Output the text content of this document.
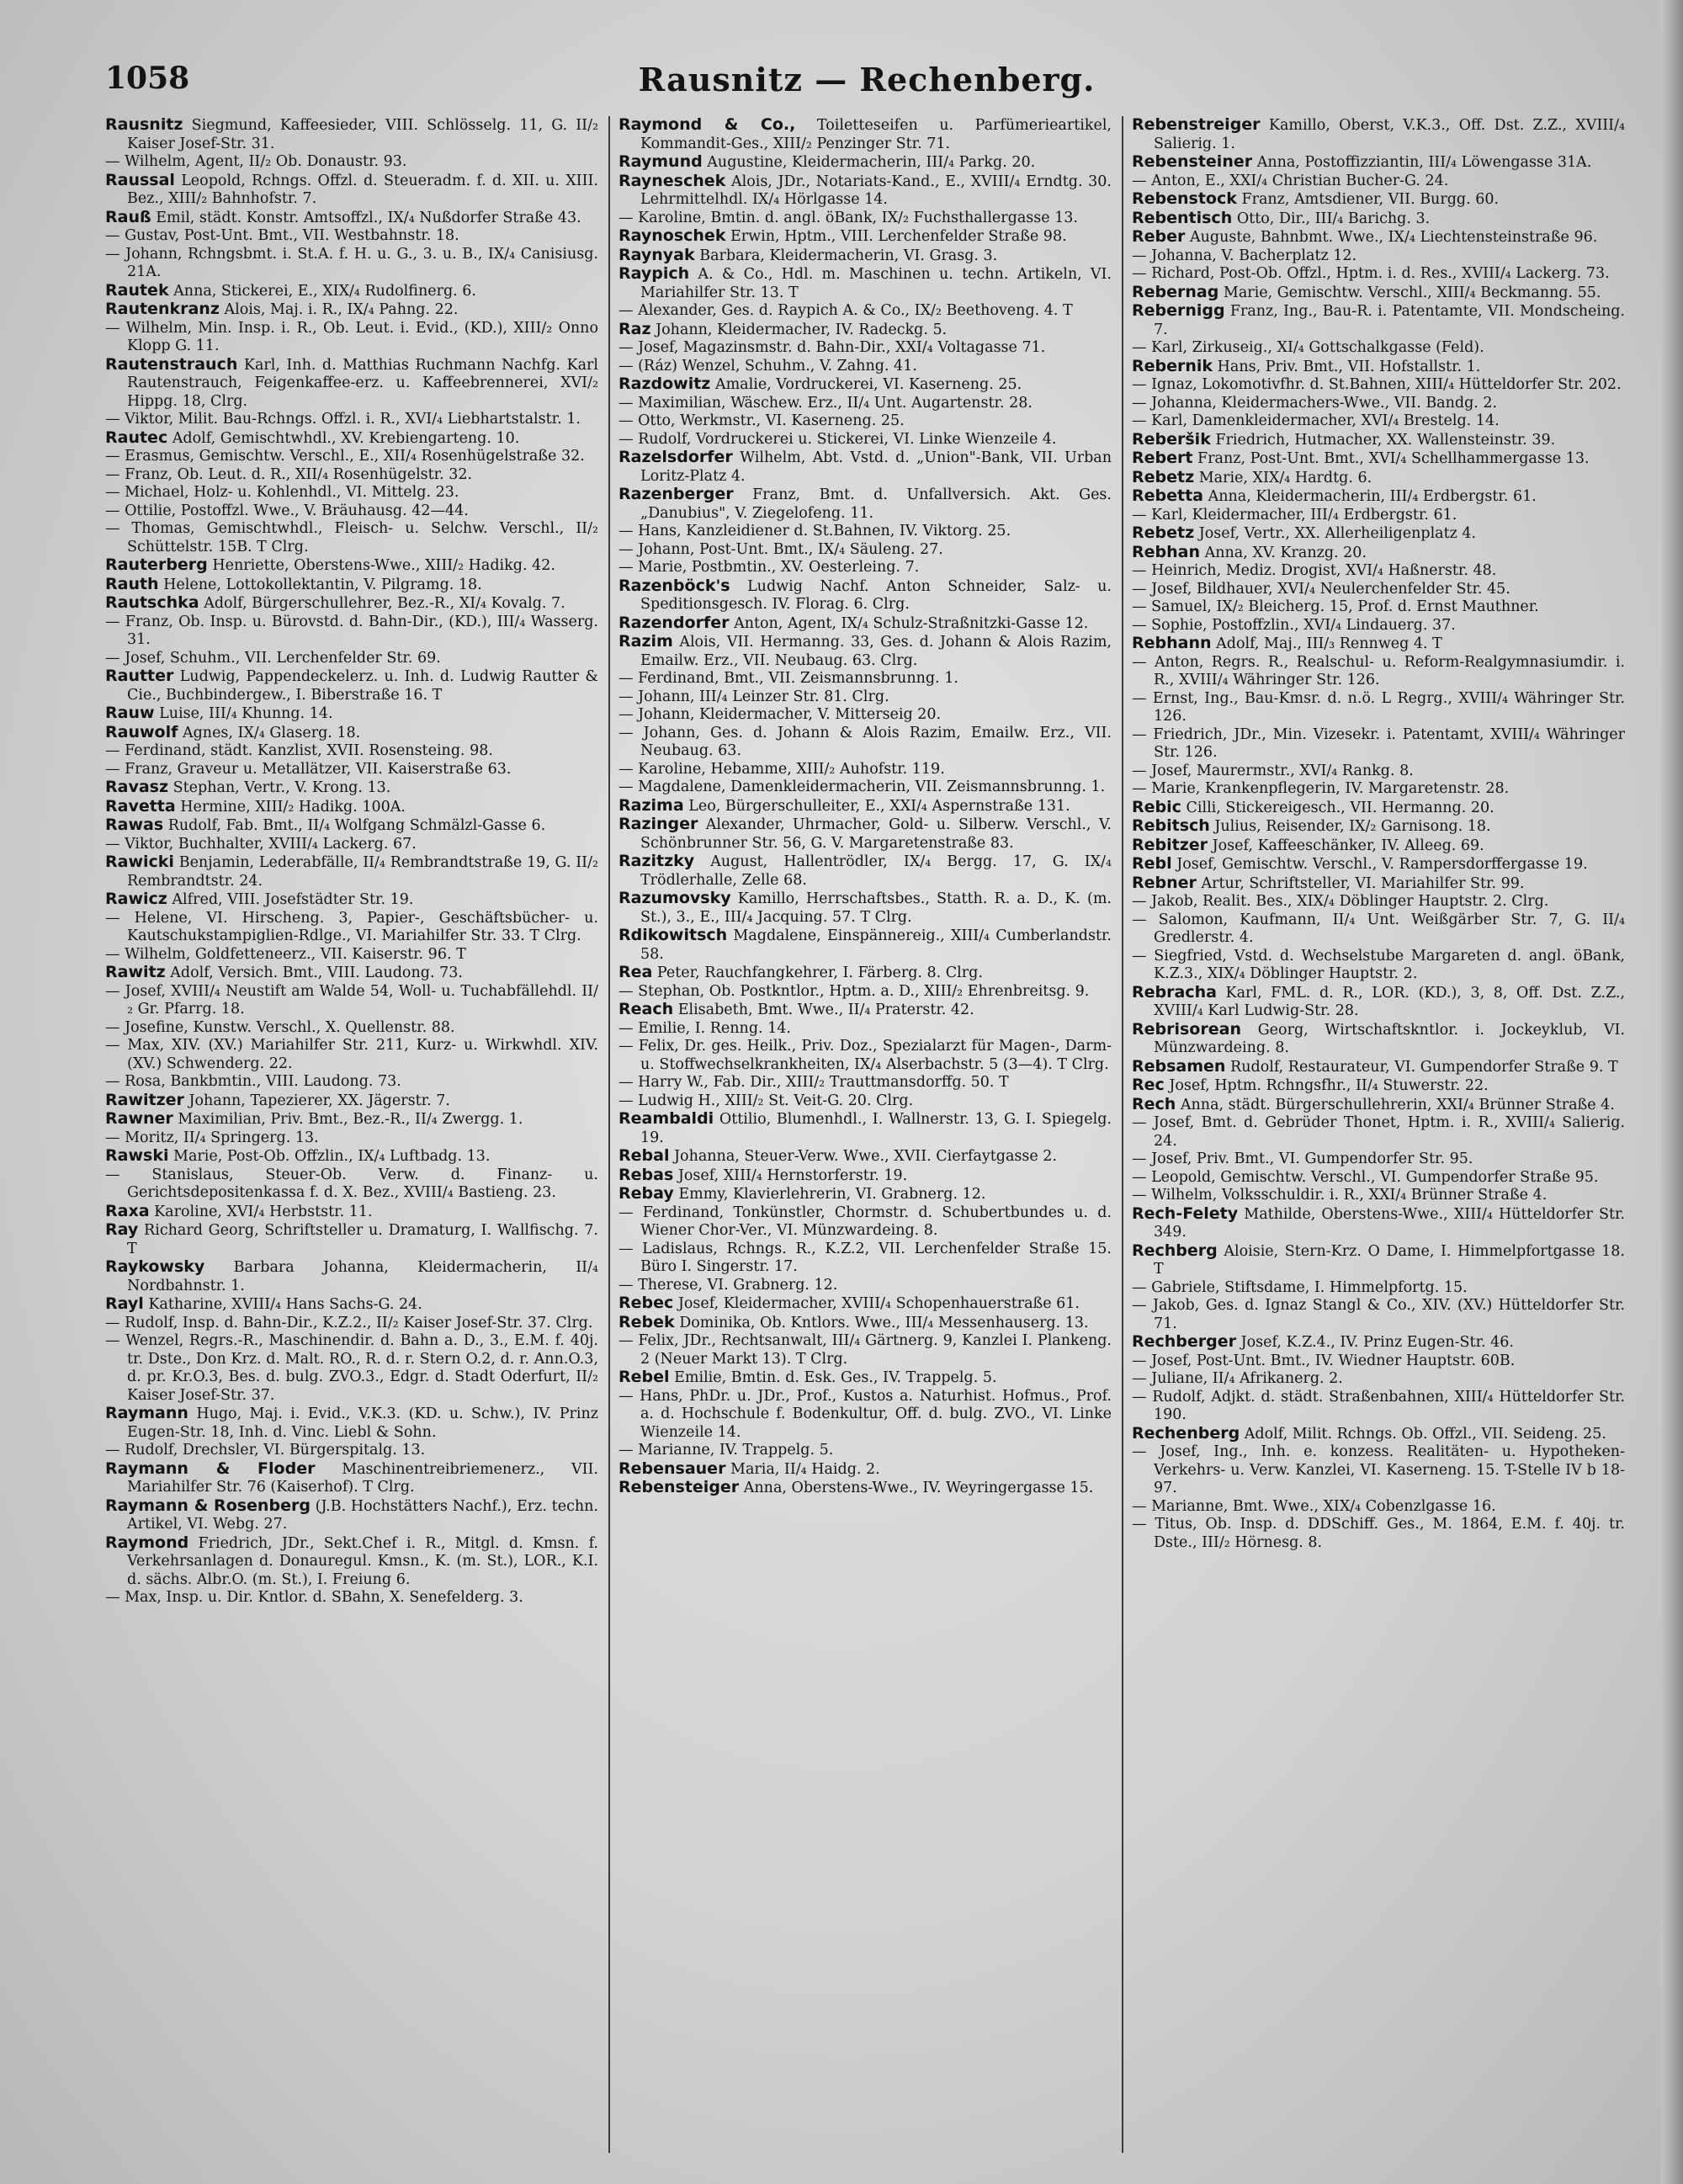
1058	Rausnitz — Rechenberg.

Rausnitz Siegmund, Kaffeesieder, VIII. Schlösselg. 11, G. II/₂ Kaiser Josef-Str. 31.

— Wilhelm, Agent, II/₂ Ob. Donaustr. 93.

Raussal Leopold, Rchngs. Offzl. d. Steueradm. f. d. XII. u. XIII. Bez., XIII/₂ Bahnhofstr. 7.

Rauß Emil, städt. Konstr. Amtsoffzl., IX/₄ Nußdorfer Straße 43.

— Gustav, Post-Unt. Bmt., VII. Westbahnstr. 18.

— Johann, Rchngsbmt. i. St.A. f. H. u. G., 3. u. B., IX/₄ Canisiusg. 21A.

Rautek Anna, Stickerei, E., XIX/₄ Rudolfinerg. 6.

Rautenkranz Alois, Maj. i. R., IX/₄ Pahng. 22.

— Wilhelm, Min. Insp. i. R., Ob. Leut. i. Evid., (KD.), XIII/₂ Onno Klopp G. 11.

Rautenstrauch Karl, Inh. d. Matthias Ruchmann Nachfg. Karl Rautenstrauch, Feigenkaffee-erz. u. Kaffeebrennerei, XVI/₂ Hippg. 18, Clrg.

— Viktor, Milit. Bau-Rchngs. Offzl. i. R., XVI/₄ Liebhartstalstr. 1.

Rautec Adolf, Gemischtwhdl., XV. Krebiengarteng. 10.

— Erasmus, Gemischtw. Verschl., E., XII/₄ Rosenhügelstraße 32.

— Franz, Ob. Leut. d. R., XII/₄ Rosenhügelstr. 32.

— Michael, Holz- u. Kohlenhdl., VI. Mittelg. 23.

— Ottilie, Postoffzl. Wwe., V. Bräuhausg. 42—44.

— Thomas, Gemischtwhdl., Fleisch- u. Selchw. Verschl., II/₂ Schüttelstr. 15B. T Clrg.

Rauterberg Henriette, Oberstens-Wwe., XIII/₂ Hadikg. 42.

Rauth Helene, Lottokollektantin, V. Pilgramg. 18.

Rautschka Adolf, Bürgerschullehrer, Bez.-R., XI/₄ Kovalg. 7.

— Franz, Ob. Insp. u. Bürovstd. d. Bahn-Dir., (KD.), III/₄ Wasserg. 31.

— Josef, Schuhm., VII. Lerchenfelder Str. 69.

Rautter Ludwig, Pappendeckelerz. u. Inh. d. Ludwig Rautter & Cie., Buchbindergew., I. Biberstraße 16. T

Rauw Luise, III/₄ Khunng. 14.

Rauwolf Agnes, IX/₄ Glaserg. 18.

— Ferdinand, städt. Kanzlist, XVII. Rosensteing. 98.

— Franz, Graveur u. Metallätzer, VII. Kaiserstraße 63.

Ravasz Stephan, Vertr., V. Krong. 13.

Ravetta Hermine, XIII/₂ Hadikg. 100A.

Rawas Rudolf, Fab. Bmt., II/₄ Wolfgang Schmälzl-Gasse 6.

— Viktor, Buchhalter, XVIII/₄ Lackerg. 67.

Rawicki Benjamin, Lederabfälle, II/₄ Rembrandtstraße 19, G. II/₂ Rembrandtstr. 24.

Rawicz Alfred, VIII. Josefstädter Str. 19.

— Helene, VI. Hirscheng. 3, Papier-, Geschäftsbücher- u. Kautschukstampiglien-Rdlge., VI. Mariahilfer Str. 33. T Clrg.

— Wilhelm, Goldfetteneerz., VII. Kaiserstr. 96. T

Rawitz Adolf, Versich. Bmt., VIII. Laudong. 73.

— Josef, XVIII/₄ Neustift am Walde 54, Woll- u. Tuchabfällehdl. II/₂ Gr. Pfarrg. 18.

— Josefine, Kunstw. Verschl., X. Quellenstr. 88.

— Max, XIV. (XV.) Mariahilfer Str. 211, Kurz- u. Wirkwhdl. XIV. (XV.) Schwenderg. 22.

— Rosa, Bankbmtin., VIII. Laudong. 73.

Rawitzer Johann, Tapezierer, XX. Jägerstr. 7.

Rawner Maximilian, Priv. Bmt., Bez.-R., II/₄ Zwergg. 1.

— Moritz, II/₄ Springerg. 13.

Rawski Marie, Post-Ob. Offzlin., IX/₄ Luftbadg. 13.

— Stanislaus, Steuer-Ob. Verw. d. Finanz- u. Gerichtsdepositenkassa f. d. X. Bez., XVIII/₄ Bastieng. 23.

Raxa Karoline, XVI/₄ Herbststr. 11.

Ray Richard Georg, Schriftsteller u. Dramaturg, I. Wallfischg. 7. T

Raykowsky Barbara Johanna, Kleidermacherin, II/₄ Nordbahnstr. 1.

Rayl Katharine, XVIII/₄ Hans Sachs-G. 24.

— Rudolf, Insp. d. Bahn-Dir., K.Z.2., II/₂ Kaiser Josef-Str. 37. Clrg.

— Wenzel, Regrs.-R., Maschinendir. d. Bahn a. D., 3., E.M. f. 40j. tr. Dste., Don Krz. d. Malt. RO., R. d. r. Stern O.2, d. r. Ann.O.3, d. pr. Kr.O.3, Bes. d. bulg. ZVO.3., Edgr. d. Stadt Oderfurt, II/₂ Kaiser Josef-Str. 37.

Raymann Hugo, Maj. i. Evid., V.K.3. (KD. u. Schw.), IV. Prinz Eugen-Str. 18, Inh. d. Vinc. Liebl & Sohn.

— Rudolf, Drechsler, VI. Bürgerspitalg. 13.

Raymann & Floder Maschinentreibriemenerz., VII. Mariahilfer Str. 76 (Kaiserhof). T Clrg.

Raymann & Rosenberg (J.B. Hochstätters Nachf.), Erz. techn. Artikel, VI. Webg. 27.

Raymond Friedrich, JDr., Sekt.Chef i. R., Mitgl. d. Kmsn. f. Verkehrsanlagen d. Donauregul. Kmsn., K. (m. St.), LOR., K.I. d. sächs. Albr.O. (m. St.), I. Freiung 6.

— Max, Insp. u. Dir. Kntlor. d. SBahn, X. Senefelderg. 3.

Raymond & Co., Toiletteseifen u. Parfümerieartikel, Kommandit-Ges., XIII/₂ Penzinger Str. 71.

Raymund Augustine, Kleidermacherin, III/₄ Parkg. 20.

Rayneschek Alois, JDr., Notariats-Kand., E., XVIII/₄ Erndtg. 30. Lehrmittelhdl. IX/₄ Hörlgasse 14.

— Karoline, Bmtin. d. angl. öBank, IX/₂ Fuchsthallergasse 13.

Raynoschek Erwin, Hptm., VIII. Lerchenfelder Straße 98.

Raynyak Barbara, Kleidermacherin, VI. Grasg. 3.

Raypich A. & Co., Hdl. m. Maschinen u. techn. Artikeln, VI. Mariahilfer Str. 13. T

— Alexander, Ges. d. Raypich A. & Co., IX/₂ Beethoveng. 4. T

Raz Johann, Kleidermacher, IV. Radeckg. 5.

— Josef, Magazinsmstr. d. Bahn-Dir., XXI/₄ Voltagasse 71.

— (Ráz) Wenzel, Schuhm., V. Zahng. 41.

Razdowitz Amalie, Vordruckerei, VI. Kaserneng. 25.

— Maximilian, Wäschew. Erz., II/₄ Unt. Augartenstr. 28.

— Otto, Werkmstr., VI. Kaserneng. 25.

— Rudolf, Vordruckerei u. Stickerei, VI. Linke Wienzeile 4.

Razelsdorfer Wilhelm, Abt. Vstd. d. „Union"-Bank, VII. Urban Loritz-Platz 4.

Razenberger Franz, Bmt. d. Unfallversich. Akt. Ges. „Danubius", V. Ziegelofeng. 11.

— Hans, Kanzleidiener d. St.Bahnen, IV. Viktorg. 25.

— Johann, Post-Unt. Bmt., IX/₄ Säuleng. 27.

— Marie, Postbmtin., XV. Oesterleing. 7.

Razenböck's Ludwig Nachf. Anton Schneider, Salz- u. Speditionsgesch. IV. Florag. 6. Clrg.

Razendorfer Anton, Agent, IX/₄ Schulz-Straßnitzki-Gasse 12.

Razim Alois, VII. Hermanng. 33, Ges. d. Johann & Alois Razim, Emailw. Erz., VII. Neubaug. 63. Clrg.

— Ferdinand, Bmt., VII. Zeismannsbrunng. 1.

— Johann, III/₄ Leinzer Str. 81. Clrg.

— Johann, Kleidermacher, V. Mitterseig 20.

— Johann, Ges. d. Johann & Alois Razim, Emailw. Erz., VII. Neubaug. 63.

— Karoline, Hebamme, XIII/₂ Auhofstr. 119.

— Magdalene, Damenkleidermacherin, VII. Zeismannsbrunng. 1.

Razima Leo, Bürgerschulleiter, E., XXI/₄ Aspernstraße 131.

Razinger Alexander, Uhrmacher, Gold- u. Silberw. Verschl., V. Schönbrunner Str. 56, G. V. Margaretenstraße 83.

Razitzky August, Hallentrödler, IX/₄ Bergg. 17, G. IX/₄ Trödlerhalle, Zelle 68.

Razumovsky Kamillo, Herrschaftsbes., Statth. R. a. D., K. (m. St.), 3., E., III/₄ Jacquing. 57. T Clrg.

Rdikowitsch Magdalene, Einspännereig., XIII/₄ Cumberlandstr. 58.

Rea Peter, Rauchfangkehrer, I. Färberg. 8. Clrg.

— Stephan, Ob. Postkntlor., Hptm. a. D., XIII/₂ Ehrenbreitsg. 9.

Reach Elisabeth, Bmt. Wwe., II/₄ Praterstr. 42.

— Emilie, I. Renng. 14.

— Felix, Dr. ges. Heilk., Priv. Doz., Spezialarzt für Magen-, Darm- u. Stoffwechselkrankheiten, IX/₄ Alserbachstr. 5 (3—4). T Clrg.

— Harry W., Fab. Dir., XIII/₂ Trauttmansdorffg. 50. T

— Ludwig H., XIII/₂ St. Veit-G. 20. Clrg.

Reambaldi Ottilio, Blumenhdl., I. Wallnerstr. 13, G. I. Spiegelg. 19.

Rebal Johanna, Steuer-Verw. Wwe., XVII. Cierfaytgasse 2.

Rebas Josef, XIII/₄ Hernstorferstr. 19.

Rebay Emmy, Klavierlehrerin, VI. Grabnerg. 12.

— Ferdinand, Tonkünstler, Chormstr. d. Schubertbundes u. d. Wiener Chor-Ver., VI. Münzwardeing. 8.

— Ladislaus, Rchngs. R., K.Z.2, VII. Lerchenfelder Straße 15. Büro I. Singerstr. 17.

— Therese, VI. Grabnerg. 12.

Rebec Josef, Kleidermacher, XVIII/₄ Schopenhauerstraße 61.

Rebek Dominika, Ob. Kntlors. Wwe., III/₄ Messenhauserg. 13.

— Felix, JDr., Rechtsanwalt, III/₄ Gärtnerg. 9, Kanzlei I. Plankeng. 2 (Neuer Markt 13). T Clrg.

Rebel Emilie, Bmtin. d. Esk. Ges., IV. Trappelg. 5.

— Hans, PhDr. u. JDr., Prof., Kustos a. Naturhist. Hofmus., Prof. a. d. Hochschule f. Bodenkultur, Off. d. bulg. ZVO., VI. Linke Wienzeile 14.

— Marianne, IV. Trappelg. 5.

Rebensauer Maria, II/₄ Haidg. 2.

Rebensteiger Anna, Oberstens-Wwe., IV. Weyringergasse 15.

Rebenstreiger Kamillo, Oberst, V.K.3., Off. Dst. Z.Z., XVIII/₄ Salierig. 1.

Rebensteiner Anna, Postoffizziantin, III/₄ Löwengasse 31A.

— Anton, E., XXI/₄ Christian Bucher-G. 24.

Rebenstock Franz, Amtsdiener, VII. Burgg. 60.

Rebentisch Otto, Dir., III/₄ Barichg. 3.

Reber Auguste, Bahnbmt. Wwe., IX/₄ Liechtensteinstraße 96.

— Johanna, V. Bacherplatz 12.

— Richard, Post-Ob. Offzl., Hptm. i. d. Res., XVIII/₄ Lackerg. 73.

Rebernag Marie, Gemischtw. Verschl., XIII/₄ Beckmanng. 55.

Rebernigg Franz, Ing., Bau-R. i. Patentamte, VII. Mondscheing. 7.

— Karl, Zirkuseig., XI/₄ Gottschalkgasse (Feld).

Rebernik Hans, Priv. Bmt., VII. Hofstallstr. 1.

— Ignaz, Lokomotivfhr. d. St.Bahnen, XIII/₄ Hütteldorfer Str. 202.

— Johanna, Kleidermachers-Wwe., VII. Bandg. 2.

— Karl, Damenkleidermacher, XVI/₄ Brestelg. 14.

Reberšik Friedrich, Hutmacher, XX. Wallensteinstr. 39.

Rebert Franz, Post-Unt. Bmt., XVI/₄ Schellhammergasse 13.

Rebetz Marie, XIX/₄ Hardtg. 6.

Rebetta Anna, Kleidermacherin, III/₄ Erdbergstr. 61.

— Karl, Kleidermacher, III/₄ Erdbergstr. 61.

Rebetz Josef, Vertr., XX. Allerheiligenplatz 4.

Rebhan Anna, XV. Kranzg. 20.

— Heinrich, Mediz. Drogist, XVI/₄ Haßnerstr. 48.

— Josef, Bildhauer, XVI/₄ Neulerchenfelder Str. 45.

— Samuel, IX/₂ Bleicherg. 15, Prof. d. Ernst Mauthner.

— Sophie, Postoffzlin., XVI/₄ Lindauerg. 37.

Rebhann Adolf, Maj., III/₃ Rennweg 4. T

— Anton, Regrs. R., Realschul- u. Reform-Realgymnasiumdir. i. R., XVIII/₄ Währinger Str. 126.

— Ernst, Ing., Bau-Kmsr. d. n.ö. L Regrg., XVIII/₄ Währinger Str. 126.

— Friedrich, JDr., Min. Vizesekr. i. Patentamt, XVIII/₄ Währinger Str. 126.

— Josef, Maurermstr., XVI/₄ Rankg. 8.

— Marie, Krankenpflegerin, IV. Margaretenstr. 28.

Rebic Cilli, Stickereigesch., VII. Hermanng. 20.

Rebitsch Julius, Reisender, IX/₂ Garnisong. 18.

Rebitzer Josef, Kaffeeschänker, IV. Alleeg. 69.

Rebl Josef, Gemischtw. Verschl., V. Rampersdorffergasse 19.

Rebner Artur, Schriftsteller, VI. Mariahilfer Str. 99.

— Jakob, Realit. Bes., XIX/₄ Döblinger Hauptstr. 2. Clrg.

— Salomon, Kaufmann, II/₄ Unt. Weißgärber Str. 7, G. II/₄ Gredlerstr. 4.

— Siegfried, Vstd. d. Wechselstube Margareten d. angl. öBank, K.Z.3., XIX/₄ Döblinger Hauptstr. 2.

Rebracha Karl, FML. d. R., LOR. (KD.), 3, 8, Off. Dst. Z.Z., XVIII/₄ Karl Ludwig-Str. 28.

Rebrisorean Georg, Wirtschaftskntlor. i. Jockeyklub, VI. Münzwardeing. 8.

Rebsamen Rudolf, Restaurateur, VI. Gumpendorfer Straße 9. T

Rec Josef, Hptm. Rchngsfhr., II/₄ Stuwerstr. 22.

Rech Anna, städt. Bürgerschullehrerin, XXI/₄ Brünner Straße 4.

— Josef, Bmt. d. Gebrüder Thonet, Hptm. i. R., XVIII/₄ Salierig. 24.

— Josef, Priv. Bmt., VI. Gumpendorfer Str. 95.

— Leopold, Gemischtw. Verschl., VI. Gumpendorfer Straße 95.

— Wilhelm, Volksschuldir. i. R., XXI/₄ Brünner Straße 4.

Rech-Felety Mathilde, Oberstens-Wwe., XIII/₄ Hütteldorfer Str. 349.

Rechberg Aloisie, Stern-Krz. O Dame, I. Himmelpfortgasse 18. T

— Gabriele, Stiftsdame, I. Himmelpfortg. 15.

— Jakob, Ges. d. Ignaz Stangl & Co., XIV. (XV.) Hütteldorfer Str. 71.

Rechberger Josef, K.Z.4., IV. Prinz Eugen-Str. 46.

— Josef, Post-Unt. Bmt., IV. Wiedner Hauptstr. 60B.

— Juliane, II/₄ Afrikanerg. 2.

— Rudolf, Adjkt. d. städt. Straßenbahnen, XIII/₄ Hütteldorfer Str. 190.

Rechenberg Adolf, Milit. Rchngs. Ob. Offzl., VII. Seideng. 25.

— Josef, Ing., Inh. e. konzess. Realitäten- u. Hypotheken-Verkehrs- u. Verw. Kanzlei, VI. Kaserneng. 15. T-Stelle IV b 18-97.

— Marianne, Bmt. Wwe., XIX/₄ Cobenzlgasse 16.

— Titus, Ob. Insp. d. DDSchiff. Ges., M. 1864, E.M. f. 40j. tr. Dste., III/₂ Hörnesg. 8.
